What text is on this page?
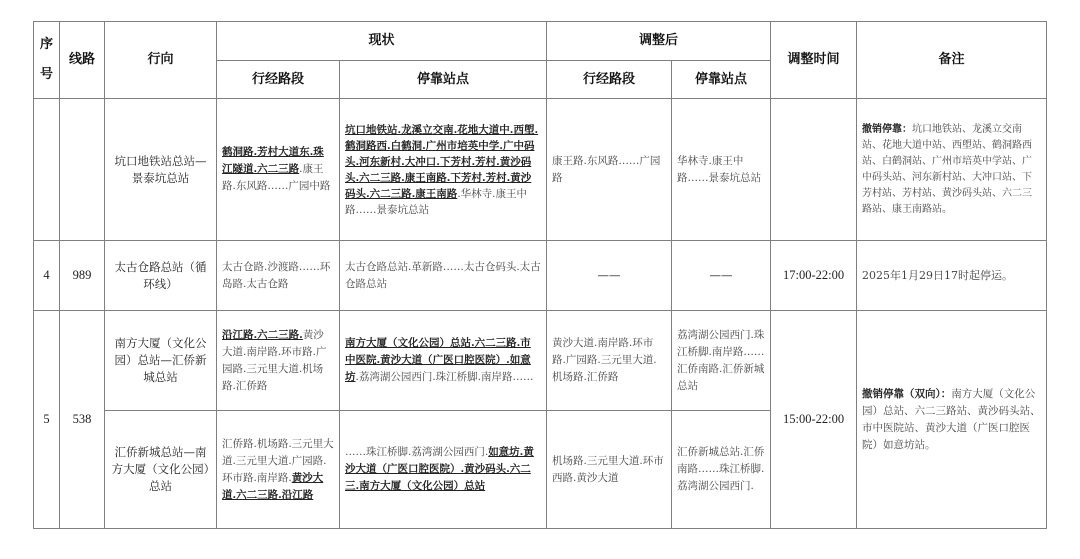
序号	线路	行向	现状		调整后		调整时间	备注
			行经路段	停靠站点	行经路段	停靠站点		
		坑口地铁站总站—景泰坑总站	鹤洞路.芳村大道东.珠江隧道.六二三路.康王路.东风路……广园中路	坑口地铁站.龙溪立交南.花地大道中.西塱.鹤洞路西.白鹤洞.广州市培英中学.广中码头.河东新村.大冲口.下芳村.芳村.黄沙码头.六二三路.康王南路.下芳村.芳村.黄沙码头.六二三路.康王南路.华林寺.康王中路……景泰坑总站	康王路.东风路……广园路	华林寺.康王中路……景泰坑总站		撤销停靠：坑口地铁站、龙溪立交南站、花地大道中站、西塱站、鹤洞路西站、白鹤洞站、广州市培英中学站、广中码头站、河东新村站、大冲口站、下芳村站、芳村站、黄沙码头站、六二三路站、康王南路站。
4	989	太古仓路总站（循环线）	太古仓路.沙渡路……环岛路.太古仓路	太古仓路总站.革新路……太古仓码头.太古仓路总站	——	——	17:00-22:00	2025年1月29日17时起停运。
5	538	南方大厦（文化公园）总站—汇侨新城总站	沿江路.六二三路.黄沙大道.南岸路.环市路.广园路.三元里大道.机场路.汇侨路	南方大厦（文化公园）总站.六二三路.市中医院.黄沙大道（广医口腔医院）.如意坊.荔湾湖公园西门.珠江桥脚.南岸路……	黄沙大道.南岸路.环市路.广园路.三元里大道.机场路.汇侨路	荔湾湖公园西门.珠江桥脚.南岸路……汇侨南路.汇侨新城总站	15:00-22:00	撤销停靠（双向）：南方大厦（文化公园）总站、六二三路站、黄沙码头站、市中医院站、黄沙大道（广医口腔医院）如意坊站。
		汇侨新城总站—南方大厦（文化公园）总站	汇侨路.机场路.三元里大道.三元里大道.广园路.环市路.南岸路.黄沙大道.六二三路.沿江路	……珠江桥脚.荔湾湖公园西门.如意坊.黄沙大道（广医口腔医院）.黄沙码头.六二三.南方大厦（文化公园）总站	机场路.三元里大道.环市西路.黄沙大道	汇侨新城总站.汇侨南路……珠江桥脚.荔湾湖公园西门.		
